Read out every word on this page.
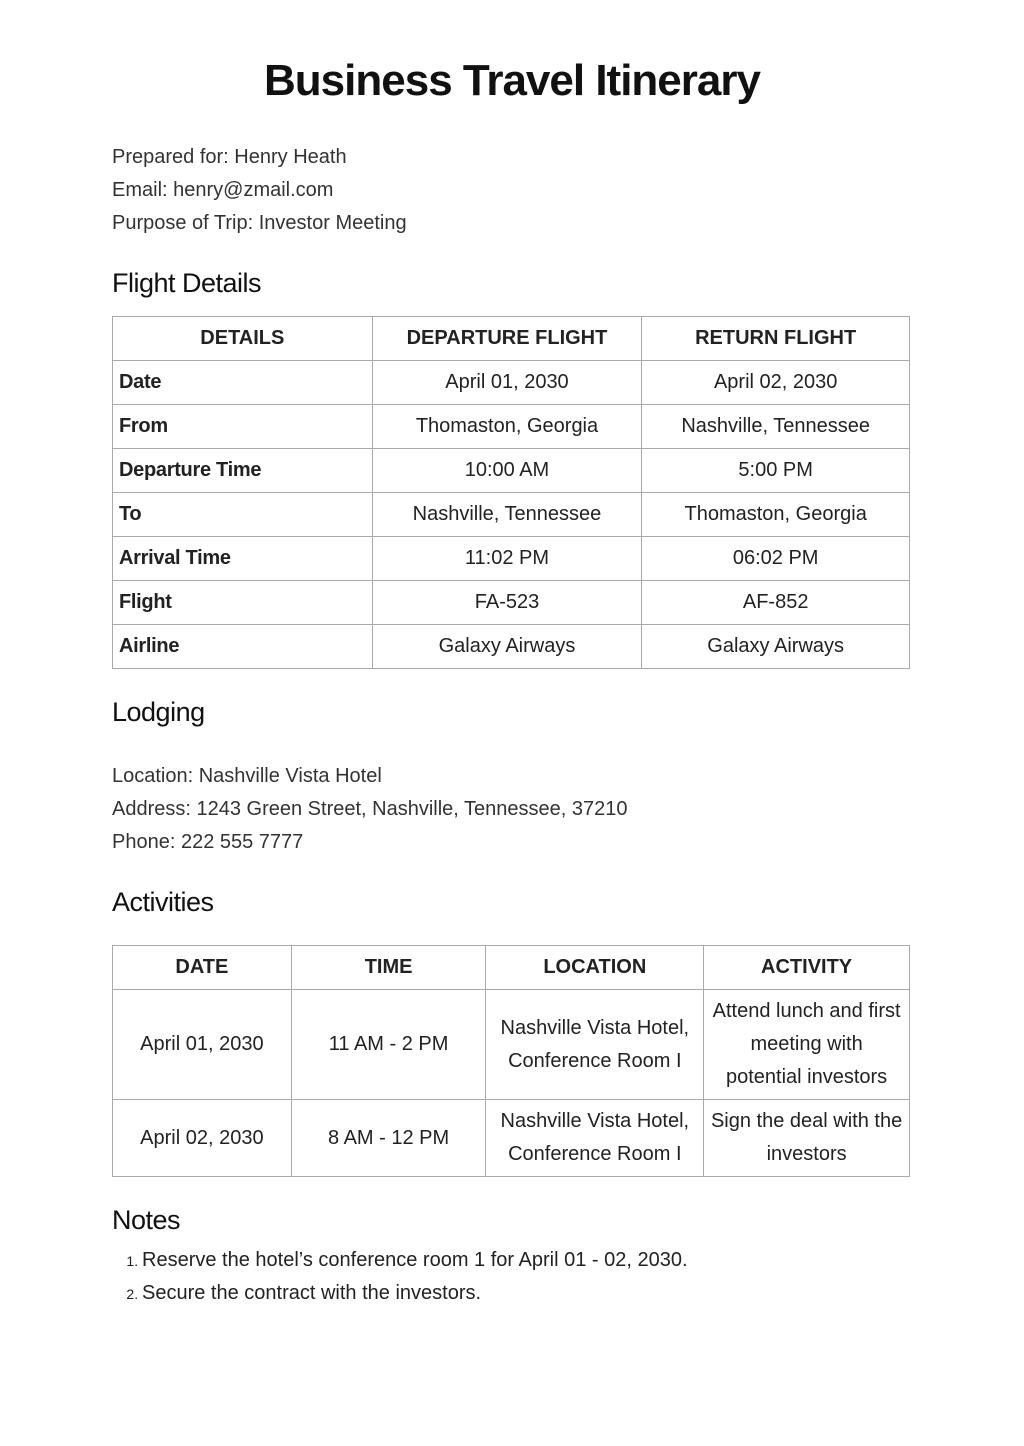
Business Travel Itinerary
Prepared for: Henry Heath
Email: henry@zmail.com
Purpose of Trip: Investor Meeting
Flight Details
DETAILS	DEPARTURE FLIGHT	RETURN FLIGHT
Date	April 01, 2030	April 02, 2030
From	Thomaston, Georgia	Nashville, Tennessee
Departure Time	10:00 AM	5:00 PM
To	Nashville, Tennessee	Thomaston, Georgia
Arrival Time	11:02 PM	06:02 PM
Flight	FA-523	AF-852
Airline	Galaxy Airways	Galaxy Airways
Lodging
Location: Nashville Vista Hotel
Address: 1243 Green Street, Nashville, Tennessee, 37210
Phone: 222 555 7777
Activities
DATE	TIME	LOCATION	ACTIVITY
April 01, 2030	11 AM - 2 PM	Nashville Vista Hotel, Conference Room I	Attend lunch and first meeting with potential investors
April 02, 2030	8 AM - 12 PM	Nashville Vista Hotel, Conference Room I	Sign the deal with the investors
Notes
1. Reserve the hotel’s conference room 1 for April 01 - 02, 2030.
2. Secure the contract with the investors.
